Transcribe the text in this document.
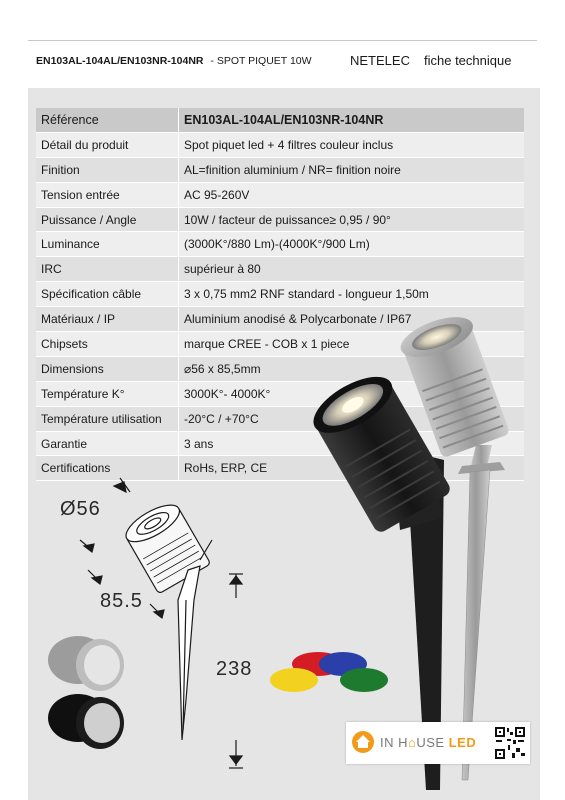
EN103AL-104AL/EN103NR-104NR - SPOT PIQUET 10W	NETELEC fiche technique
Référence	EN103AL-104AL/EN103NR-104NR
Détail du produit	Spot piquet led + 4 filtres couleur inclus
Finition	AL=finition aluminium / NR= finition noire
Tension entrée	AC 95-260V
Puissance / Angle	10W / facteur de puissance≥ 0,95 / 90°
Luminance	(3000K°/880 Lm)-(4000K°/900 Lm)
IRC	supérieur à 80
Spécification câble	3 x 0,75 mm2 RNF standard - longueur 1,50m
Matériaux / IP	Aluminium anodisé & Polycarbonate / IP67
Chipsets	marque CREE - COB x 1 piece
Dimensions	⌀56 x 85,5mm
Température K°	3000K°- 4000K°
Température utilisation	-20°C / +70°C
Garantie	3 ans
Certifications	RoHs, ERP, CE
Ø56
85.5
238
IN H⌂USE LED
